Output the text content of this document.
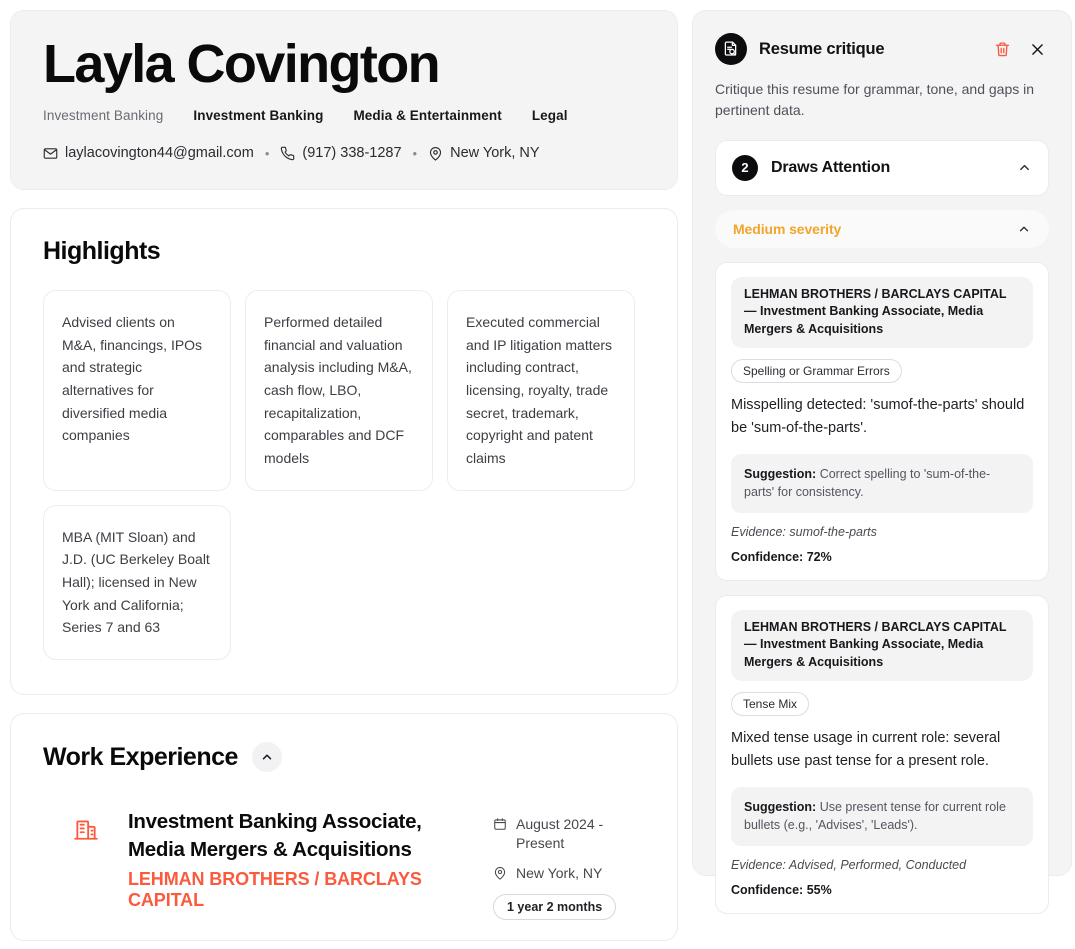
Layla Covington
Investment Banking Investment Banking Media & Entertainment Legal
laylacovington44@gmail.com • (917) 338-1287 • New York, NY
Highlights
Advised clients on M&A, financings, IPOs and strategic alternatives for diversified media companies
Performed detailed financial and valuation analysis including M&A, cash flow, LBO, recapitalization, comparables and DCF models
Executed commercial and IP litigation matters including contract, licensing, royalty, trade secret, trademark, copyright and patent claims
MBA (MIT Sloan) and J.D. (UC Berkeley Boalt Hall); licensed in New York and California; Series 7 and 63
Work Experience
Investment Banking Associate, Media Mergers & Acquisitions
LEHMAN BROTHERS / BARCLAYS CAPITAL
August 2024 - Present
New York, NY
1 year 2 months
Resume critique

Critique this resume for grammar, tone, and gaps in pertinent data.

2	Draws Attention
Medium severity
LEHMAN BROTHERS / BARCLAYS CAPITAL — Investment Banking Associate, Media Mergers & Acquisitions
Spelling or Grammar Errors

Misspelling detected: 'sumof-the-parts' should be 'sum-of-the-parts'.

Suggestion: Correct spelling to 'sum-of-the-parts' for consistency.
Evidence: sumof-the-parts
Confidence: 72%
LEHMAN BROTHERS / BARCLAYS CAPITAL — Investment Banking Associate, Media Mergers & Acquisitions
Tense Mix

Mixed tense usage in current role: several bullets use past tense for a present role.

Suggestion: Use present tense for current role bullets (e.g., 'Advises', 'Leads').
Evidence: Advised, Performed, Conducted
Confidence: 55%
